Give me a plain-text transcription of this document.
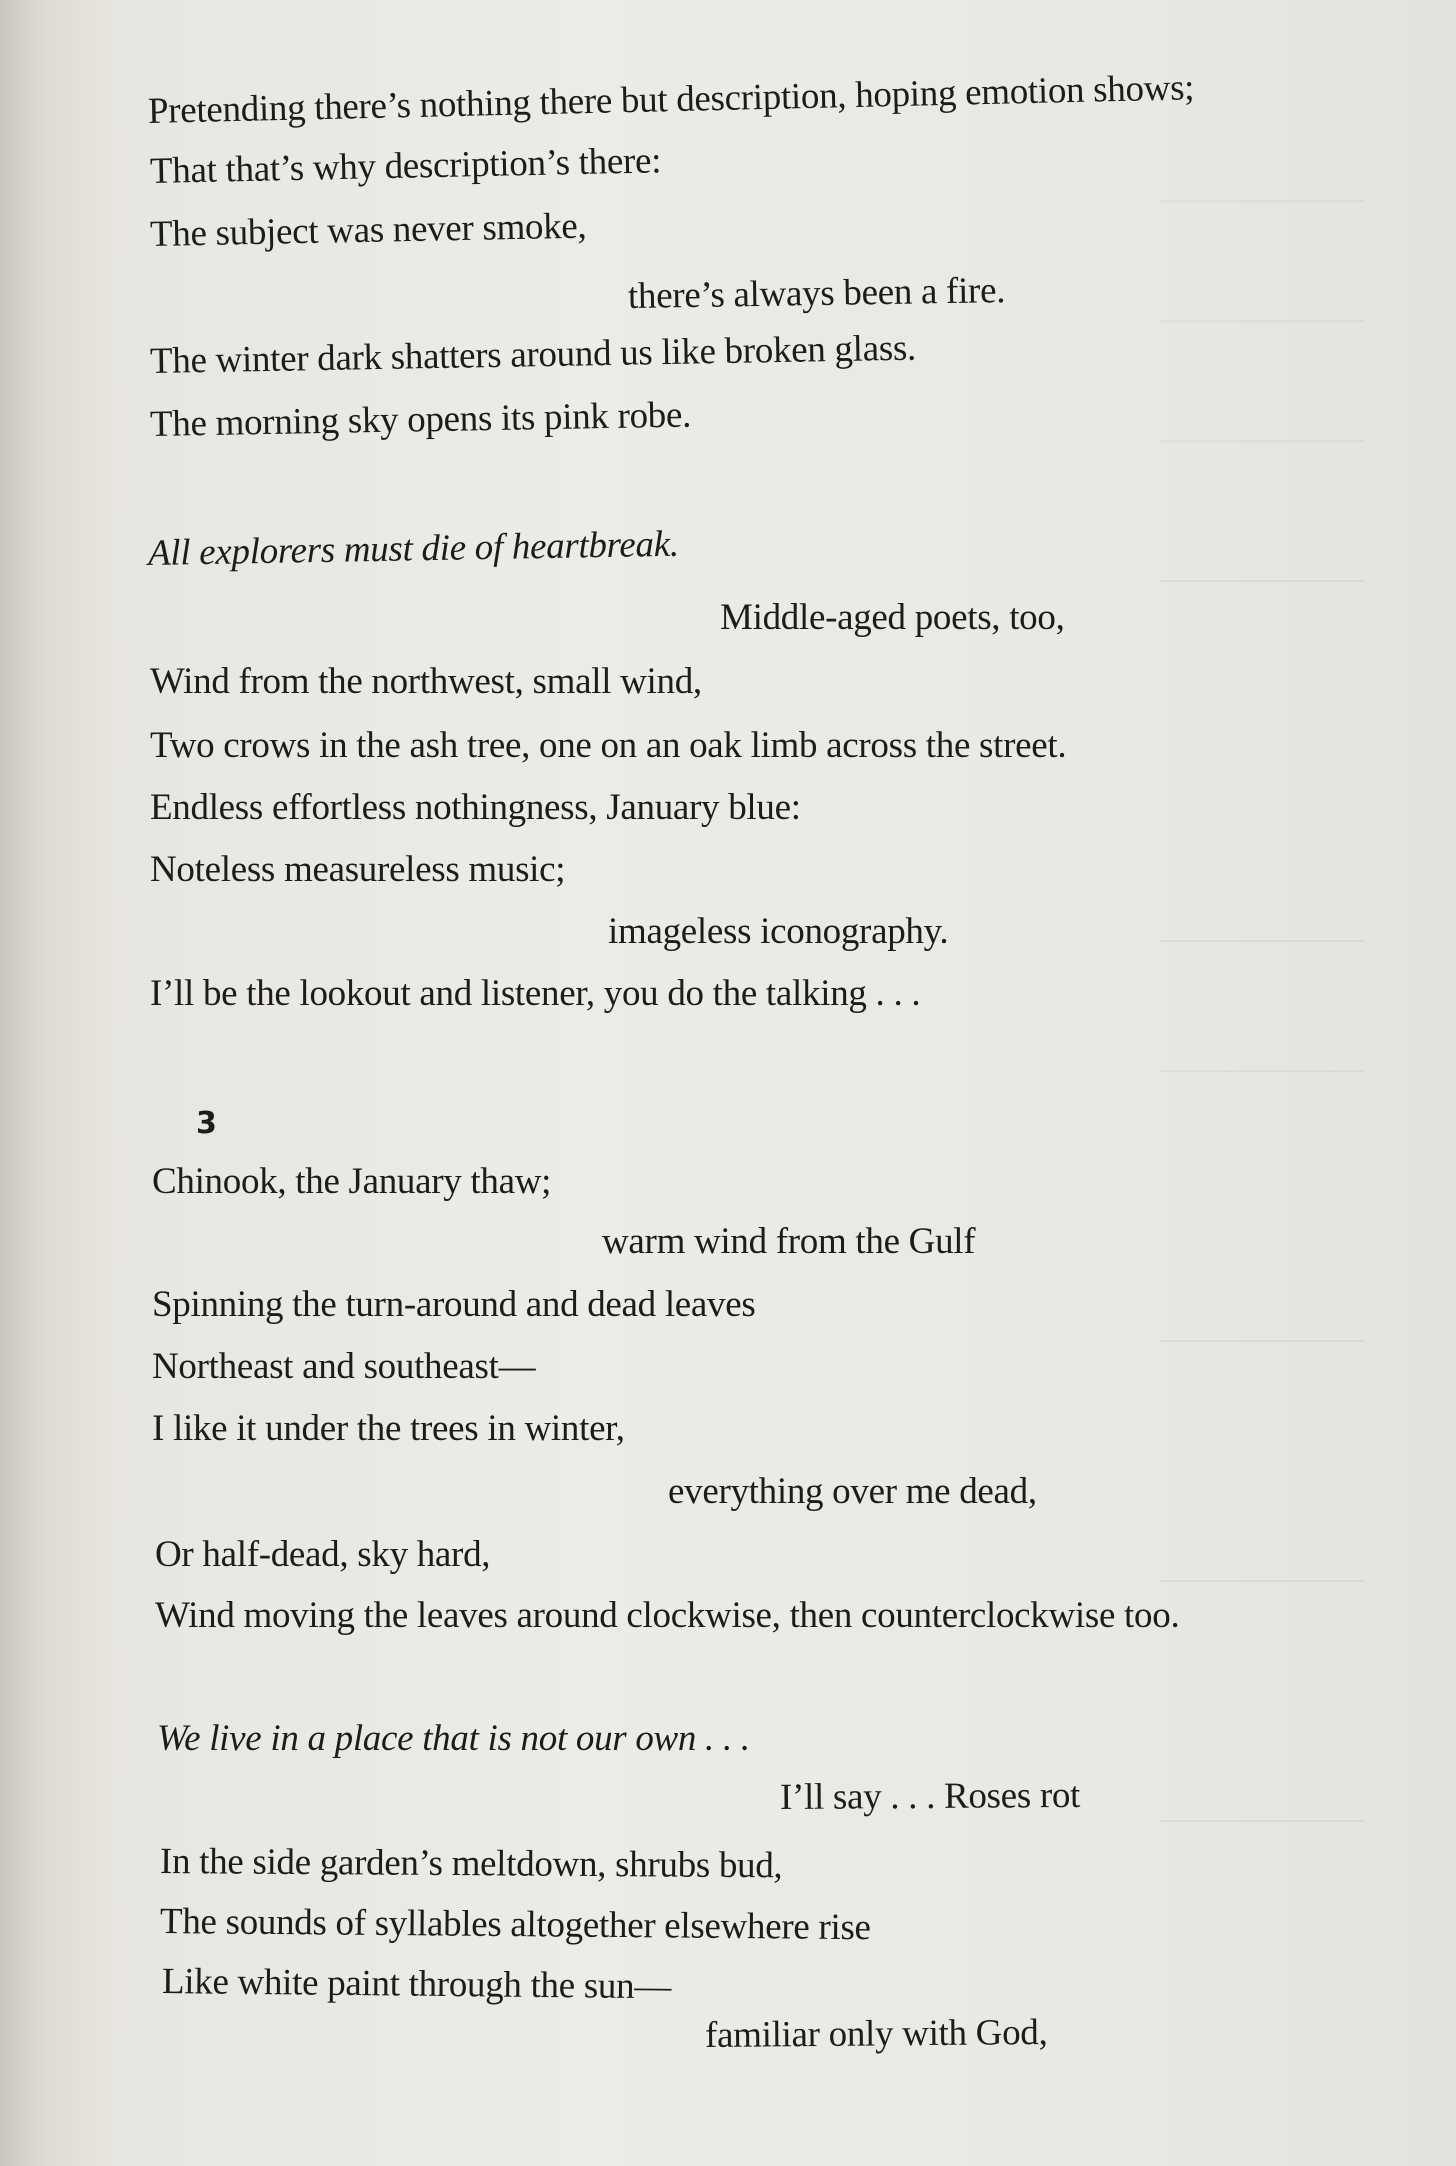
——————
——————
——————
——————
——————
——————
——————
——————
——————
Pretending there’s nothing there but description, hoping emotion shows;
That that’s why description’s there:
The subject was never smoke,
there’s always been a fire.
The winter dark shatters around us like broken glass.
The morning sky opens its pink robe.
All explorers must die of heartbreak.
Middle-aged poets, too,
Wind from the northwest, small wind,
Two crows in the ash tree, one on an oak limb across the street.
Endless effortless nothingness, January blue:
Noteless measureless music;
imageless iconography.
I’ll be the lookout and listener, you do the talking . . .
3
Chinook, the January thaw;
warm wind from the Gulf
Spinning the turn-around and dead leaves
Northeast and southeast—
I like it under the trees in winter,
everything over me dead,
Or half-dead, sky hard,
Wind moving the leaves around clockwise, then counterclockwise too.
We live in a place that is not our own . . .
I’ll say . . . Roses rot
In the side garden’s meltdown, shrubs bud,
The sounds of syllables altogether elsewhere rise
Like white paint through the sun—
familiar only with God,
